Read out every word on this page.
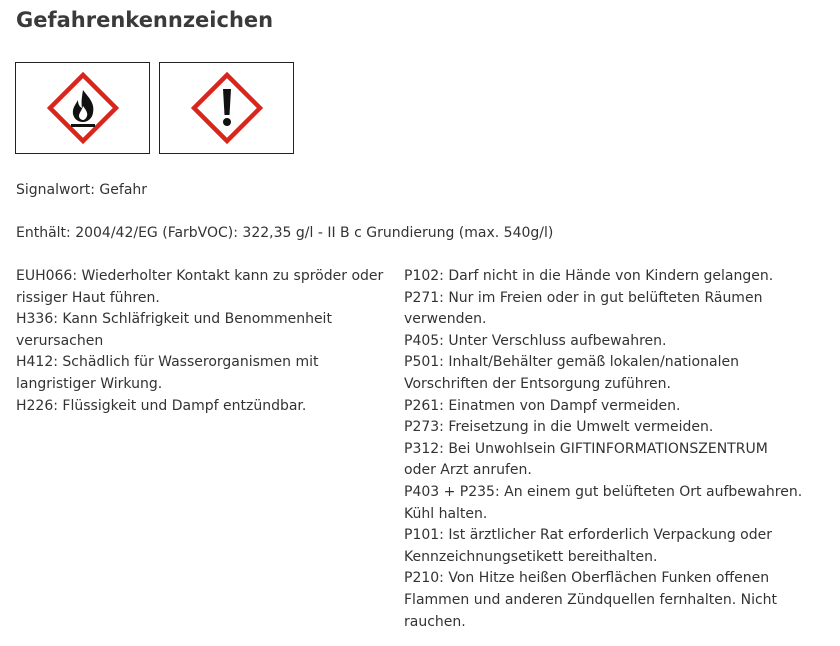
Gefahrenkennzeichen
Signalwort: Gefahr
Enthält: 2004/42/EG (FarbVOC): 322,35 g/l - II B c Grundierung (max. 540g/l)
EUH066: Wiederholter Kontakt kann zu spröder oder rissiger Haut führen.
H336: Kann Schläfrigkeit und Benommenheit verursachen
H412: Schädlich für Wasserorganismen mit langristiger Wirkung.
H226: Flüssigkeit und Dampf entzündbar.
P102: Darf nicht in die Hände von Kindern gelangen.
P271: Nur im Freien oder in gut belüfteten Räumen verwenden.
P405: Unter Verschluss aufbewahren.
P501: Inhalt/Behälter gemäß lokalen/nationalen Vorschriften der Entsorgung zuführen.
P261: Einatmen von Dampf vermeiden.
P273: Freisetzung in die Umwelt vermeiden.
P312: Bei Unwohlsein GIFTINFORMATIONSZENTRUM oder Arzt anrufen.
P403 + P235: An einem gut belüfteten Ort aufbewahren. Kühl halten.
P101: Ist ärztlicher Rat erforderlich Verpackung oder Kennzeichnungsetikett bereithalten.
P210: Von Hitze heißen Oberflächen Funken offenen Flammen und anderen Zündquellen fernhalten. Nicht rauchen.
